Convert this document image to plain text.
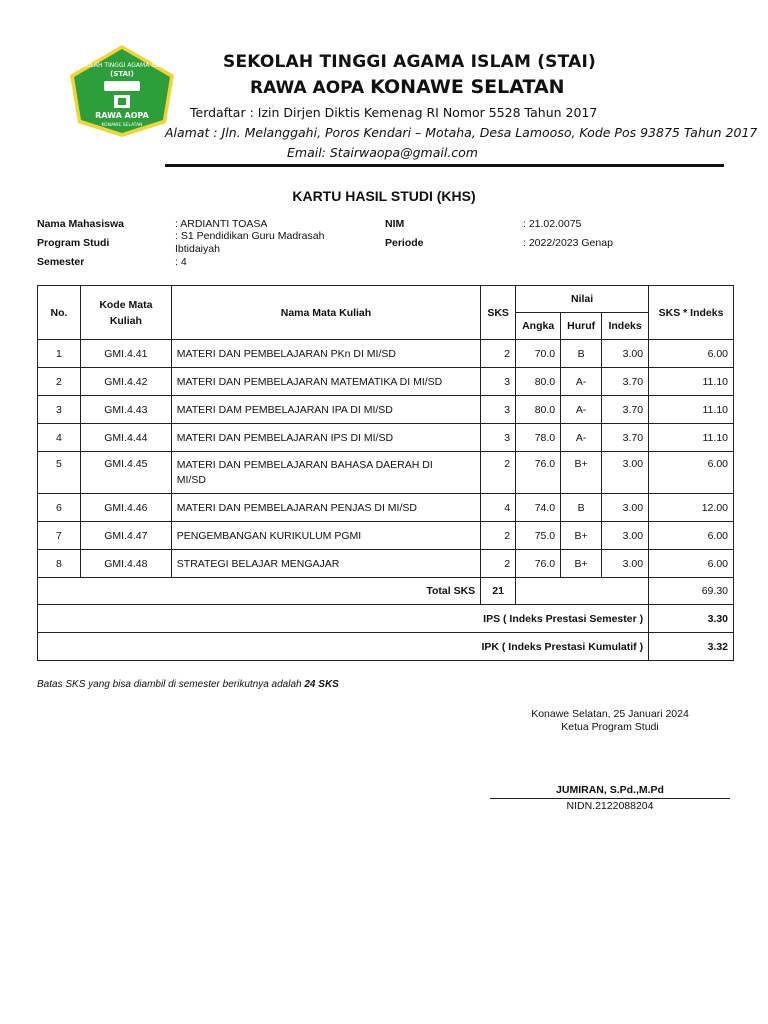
SEKOLAH TINGGI AGAMA ISLAM
(STAI)
RAWA AOPA
KONAWE SELATAN
SEKOLAH TINGGI AGAMA ISLAM (STAI)
RAWA AOPA KONAWE SELATAN
Terdaftar : Izin Dirjen Diktis Kemenag RI Nomor 5528 Tahun 2017
Alamat : Jln. Melanggahi, Poros Kendari – Motaha, Desa Lamooso, Kode Pos 93875 Tahun 2017
Email: Stairwaopa@gmail.com
KARTU HASIL STUDI (KHS)
Nama Mahasiswa	: ARDIANTI TOASA
Program Studi
: S1 Pendidikan Guru Madrasah Ibtidaiyah
Semester	: 4
NIM	: 21.02.0075
Periode	: 2022/2023 Genap
No.	Kode Mata Kuliah	Nama Mata Kuliah	SKS	Nilai			SKS * Indeks
				Angka	Huruf	Indeks	
1	GMI.4.41	MATERI DAN PEMBELAJARAN PKn DI MI/SD	2	70.0	B	3.00	6.00
2	GMI.4.42	MATERI DAN PEMBELAJARAN MATEMATIKA DI MI/SD	3	80.0	A-	3.70	11.10
3	GMI.4.43	MATERI DAM PEMBELAJARAN IPA DI MI/SD	3	80.0	A-	3.70	11.10
4	GMI.4.44	MATERI DAN PEMBELAJARAN IPS DI MI/SD	3	78.0	A-	3.70	11.10
5	GMI.4.45	MATERI DAN PEMBELAJARAN BAHASA DAERAH DI MI/SD	2	76.0	B+	3.00	6.00
6	GMI.4.46	MATERI DAN PEMBELAJARAN PENJAS DI MI/SD	4	74.0	B	3.00	12.00
7	GMI.4.47	PENGEMBANGAN KURIKULUM PGMI	2	75.0	B+	3.00	6.00
8	GMI.4.48	STRATEGI BELAJAR MENGAJAR	2	76.0	B+	3.00	6.00
Total SKS			21				69.30
IPS ( Indeks Prestasi Semester )							3.30
IPK ( Indeks Prestasi Kumulatif )							3.32
Batas SKS yang bisa diambil di semester berikutnya adalah 24 SKS
Konawe Selatan, 25 Januari 2024
Ketua Program Studi
JUMIRAN, S.Pd.,M.Pd
NIDN.2122088204
